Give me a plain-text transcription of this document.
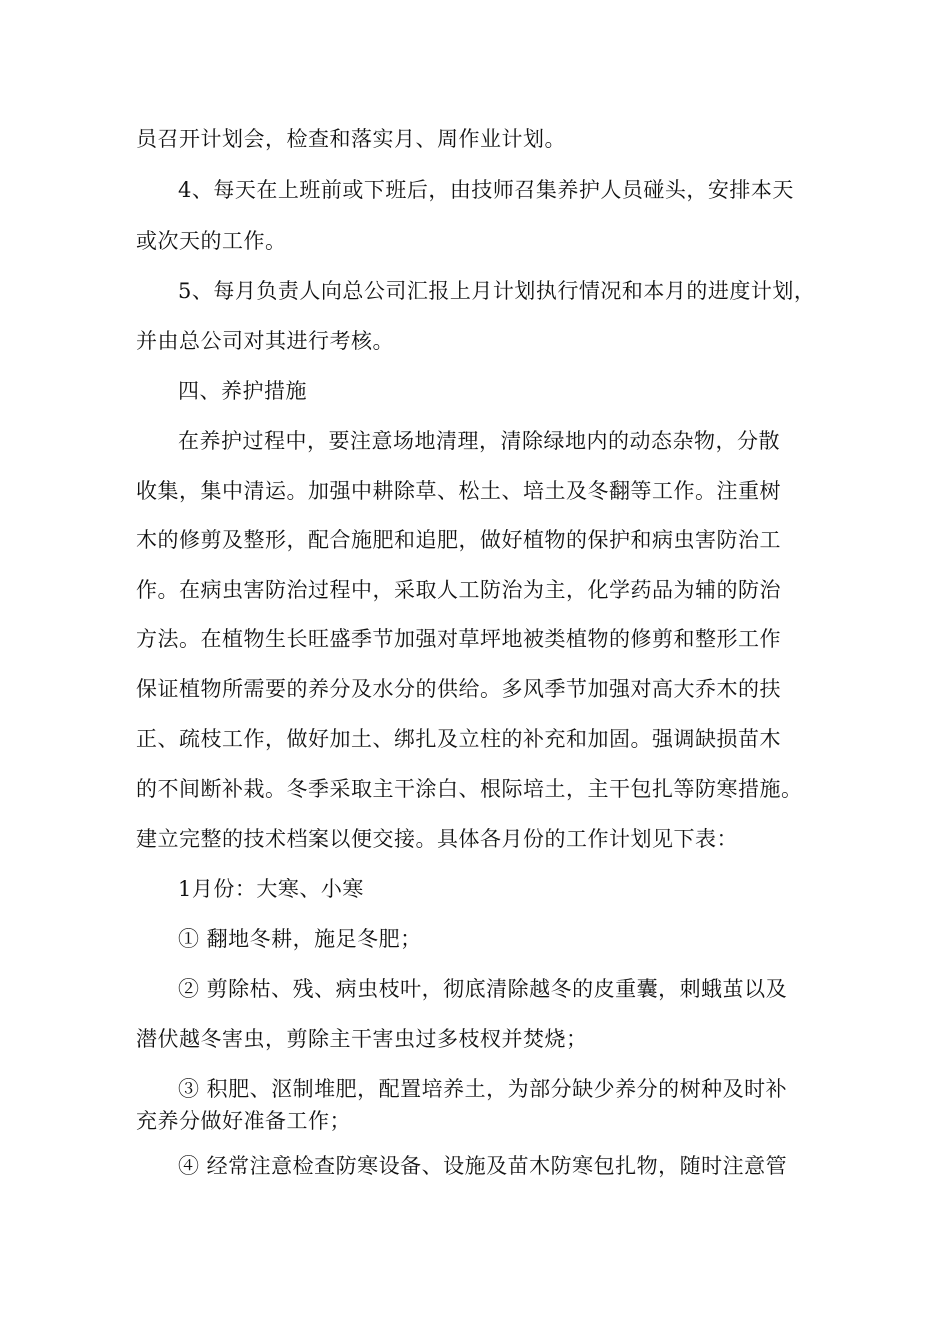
员召开计划会，检查和落实月、周作业计划。
4、每天在上班前或下班后，由技师召集养护人员碰头，安排本天
或次天的工作。
5、每月负责人向总公司汇报上月计划执行情况和本月的进度计划，
并由总公司对其进行考核。
四、养护措施
在养护过程中，要注意场地清理，清除绿地内的动态杂物，分散
收集，集中清运。加强中耕除草、松土、培土及冬翻等工作。注重树
木的修剪及整形，配合施肥和追肥，做好植物的保护和病虫害防治工
作。在病虫害防治过程中，采取人工防治为主，化学药品为辅的防治
方法。在植物生长旺盛季节加强对草坪地被类植物的修剪和整形工作
保证植物所需要的养分及水分的供给。多风季节加强对高大乔木的扶
正、疏枝工作，做好加土、绑扎及立柱的补充和加固。强调缺损苗木
的不间断补栽。冬季采取主干涂白、根际培土，主干包扎等防寒措施。
建立完整的技术档案以便交接。具体各月份的工作计划见下表：
1月份：大寒、小寒
① 翻地冬耕，施足冬肥；
② 剪除枯、残、病虫枝叶，彻底清除越冬的皮重囊，刺蛾茧以及
潜伏越冬害虫，剪除主干害虫过多枝杈并焚烧；
③ 积肥、沤制堆肥，配置培养土，为部分缺少养分的树种及时补
充养分做好准备工作；
④ 经常注意检查防寒设备、设施及苗木防寒包扎物，随时注意管
